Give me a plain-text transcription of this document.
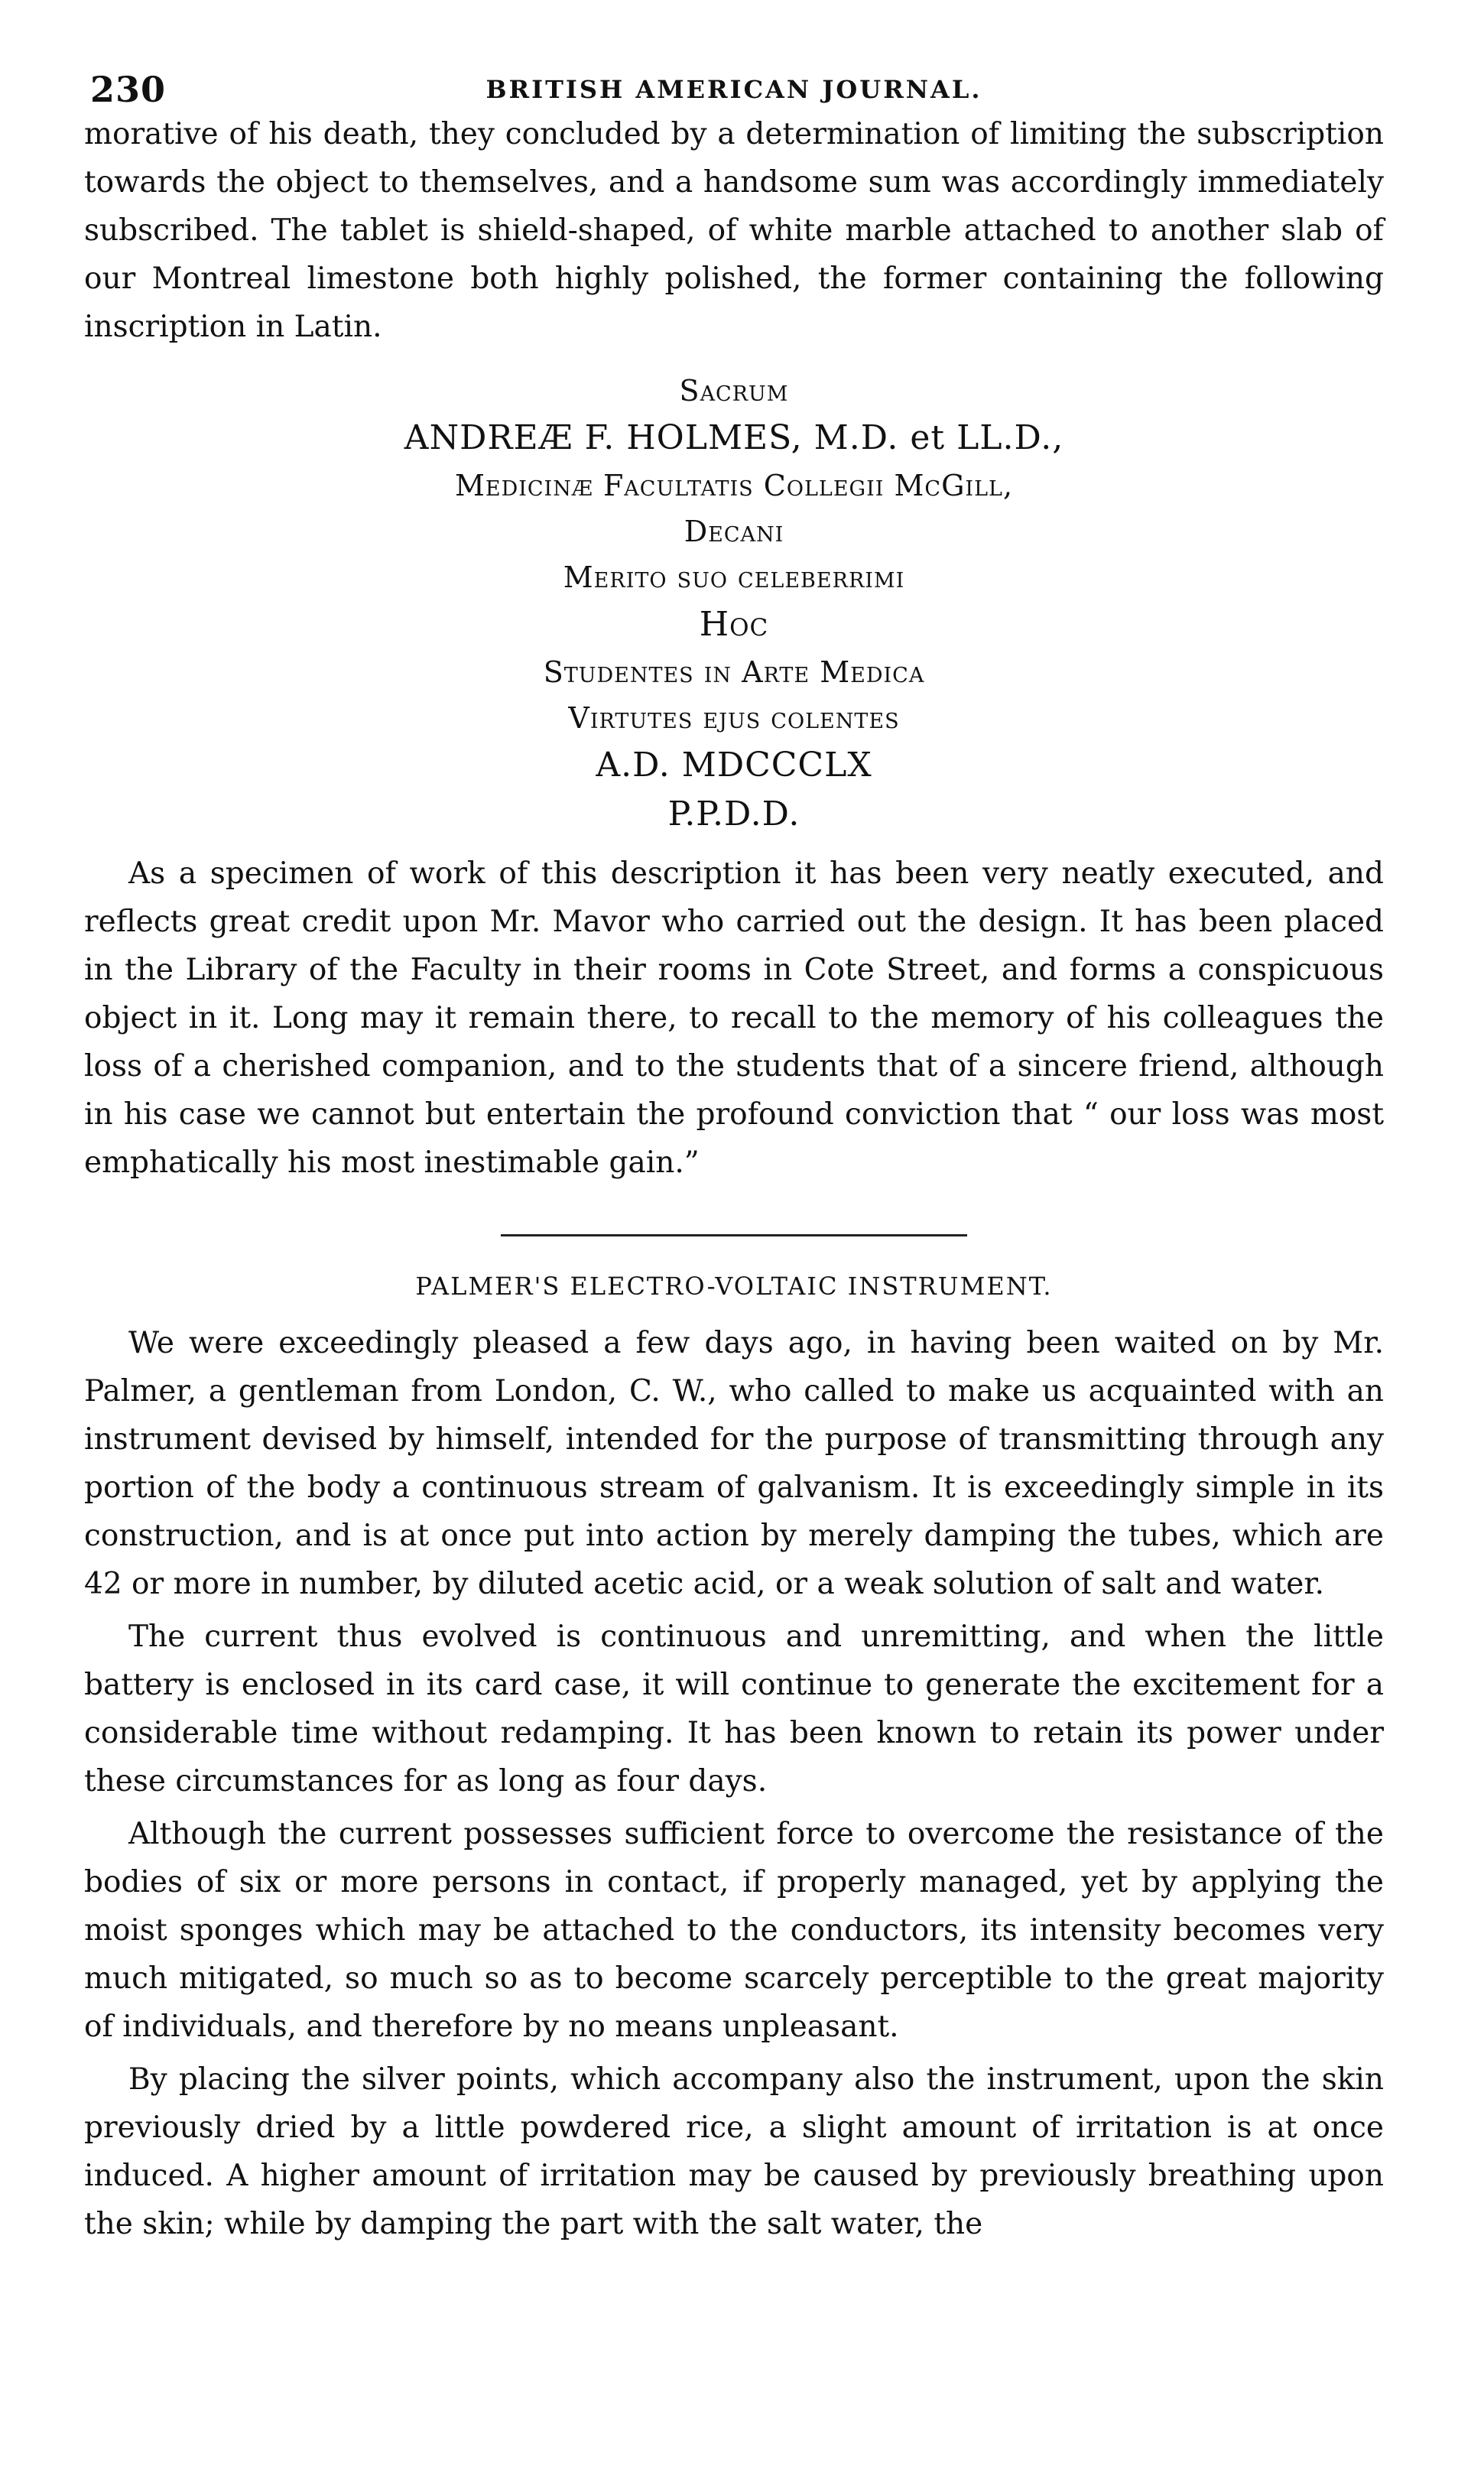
230	BRITISH AMERICAN JOURNAL.

morative of his death, they concluded by a determination of limiting the subscription towards the object to themselves, and a handsome sum was accordingly immediately subscribed. The tablet is shield-shaped, of white marble attached to another slab of our Montreal limestone both highly polished, the former containing the following inscription in Latin.

Sacrum
ANDREÆ F. HOLMES, M.D. et LL.D.,
Medicinæ Facultatis Collegii McGill,
Decani
Merito suo celeberrimi
Hoc
Studentes in Arte Medica
Virtutes ejus colentes
A.D. MDCCCLX
P.P.D.D.

As a specimen of work of this description it has been very neatly executed, and reflects great credit upon Mr. Mavor who carried out the design. It has been placed in the Library of the Faculty in their rooms in Cote Street, and forms a conspicuous object in it. Long may it remain there, to recall to the memory of his colleagues the loss of a cherished companion, and to the students that of a sincere friend, although in his case we cannot but entertain the profound conviction that “ our loss was most emphatically his most inestimable gain.”

PALMER'S ELECTRO-VOLTAIC INSTRUMENT.

We were exceedingly pleased a few days ago, in having been waited on by Mr. Palmer, a gentleman from London, C. W., who called to make us acquainted with an instrument devised by himself, intended for the purpose of transmitting through any portion of the body a continuous stream of galvanism. It is exceedingly simple in its construction, and is at once put into action by merely damping the tubes, which are 42 or more in number, by diluted acetic acid, or a weak solution of salt and water.

The current thus evolved is continuous and unremitting, and when the little battery is enclosed in its card case, it will continue to generate the excitement for a considerable time without redamping. It has been known to retain its power under these circumstances for as long as four days.

Although the current possesses sufficient force to overcome the resistance of the bodies of six or more persons in contact, if properly managed, yet by applying the moist sponges which may be attached to the conductors, its intensity becomes very much mitigated, so much so as to become scarcely perceptible to the great majority of individuals, and therefore by no means unpleasant.

By placing the silver points, which accompany also the instrument, upon the skin previously dried by a little powdered rice, a slight amount of irritation is at once induced. A higher amount of irritation may be caused by previously breathing upon the skin; while by damping the part with the salt water, the
